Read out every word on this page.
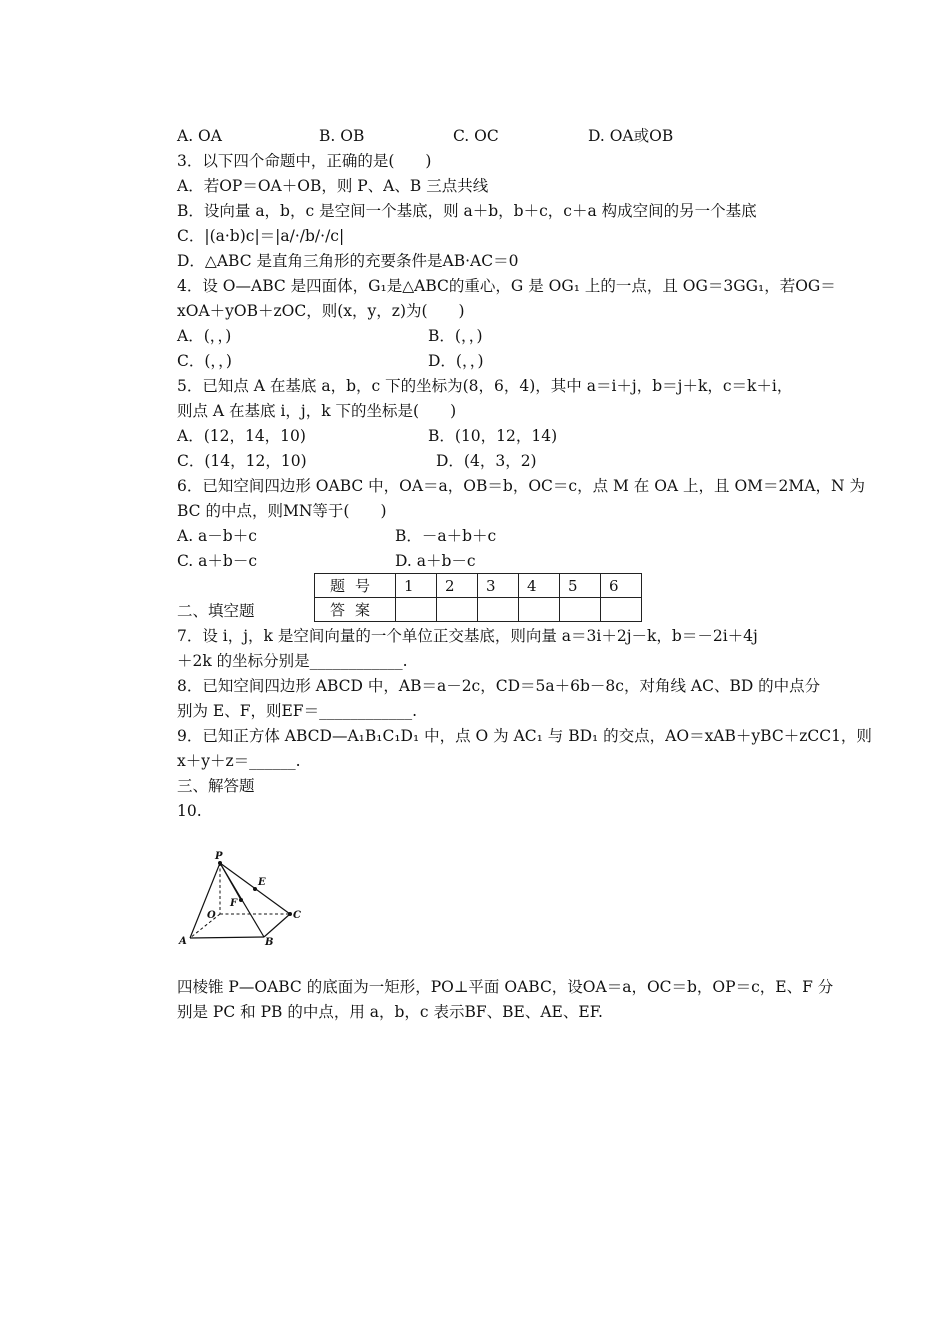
A. OA	B. OB	C. OC	D. OA或OB
3．以下四个命题中，正确的是(　　)
A．若OP＝OA＋OB，则 P、A、B 三点共线
B．设向量 a，b，c 是空间一个基底，则 a＋b，b＋c，c＋a 构成空间的另一个基底
C．|(a·b)c|＝|a/·/b/·/c|
D．△ABC 是直角三角形的充要条件是AB·AC＝0
4．设 O—ABC 是四面体，G₁是△ABC的重心，G 是 OG₁ 上的一点，且 OG＝3GG₁，若OG＝
xOA＋yOB＋zOC，则(x，y，z)为(　　)
A．(，，)	B．(，，)
C．(，，)	D．(，，)
5．已知点 A 在基底 a，b，c 下的坐标为(8，6，4)，其中 a＝i＋j，b＝j＋k，c＝k＋i，
则点 A 在基底 i，j，k 下的坐标是(　　)
A．(12，14，10)	B．(10，12，14)
C．(14，12，10)	D．(4，3，2)
6．已知空间四边形 OABC 中，OA＝a，OB＝b，OC＝c，点 M 在 OA 上，且 OM＝2MA，N 为
BC 的中点，则MN等于(　　)
A. a－b＋c	B．－a＋b＋c
C. a＋b－c	D. a＋b－c
二、填空题
7．设 i，j，k 是空间向量的一个单位正交基底，则向量 a＝3i＋2j－k，b＝－2i＋4j
＋2k 的坐标分别是____________.
8．已知空间四边形 ABCD 中，AB＝a－2c，CD＝5a＋6b－8c，对角线 AC、BD 的中点分
别为 E、F，则EF＝____________.
9．已知正方体 ABCD—A₁B₁C₁D₁ 中，点 O 为 AC₁ 与 BD₁ 的交点，AO＝xAB＋yBC＋zCC1，则
x＋y＋z＝______.
三、解答题
10.
题号	1	2	3	4	5	6
答案						
P
E
F
O	C
A	B
四棱锥 P—OABC 的底面为一矩形，PO⊥平面 OABC，设OA＝a，OC＝b，OP＝c，E、F 分
别是 PC 和 PB 的中点，用 a，b，c 表示BF、BE、AE、EF.
